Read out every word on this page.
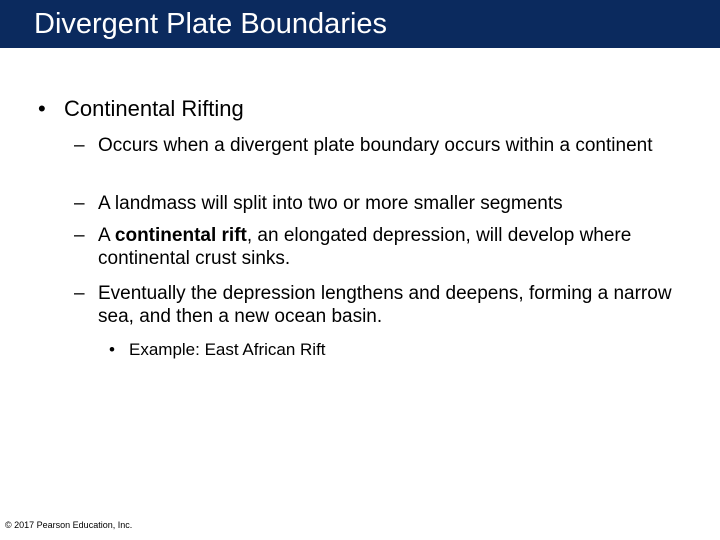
Divergent Plate Boundaries
• Continental Rifting
– Occurs when a divergent plate boundary occurs within a continent
– A landmass will split into two or more smaller segments
– A continental rift, an elongated depression, will develop where continental crust sinks.
– Eventually the depression lengthens and deepens, forming a narrow sea, and then a new ocean basin.
• Example: East African Rift
© 2017 Pearson Education, Inc.
